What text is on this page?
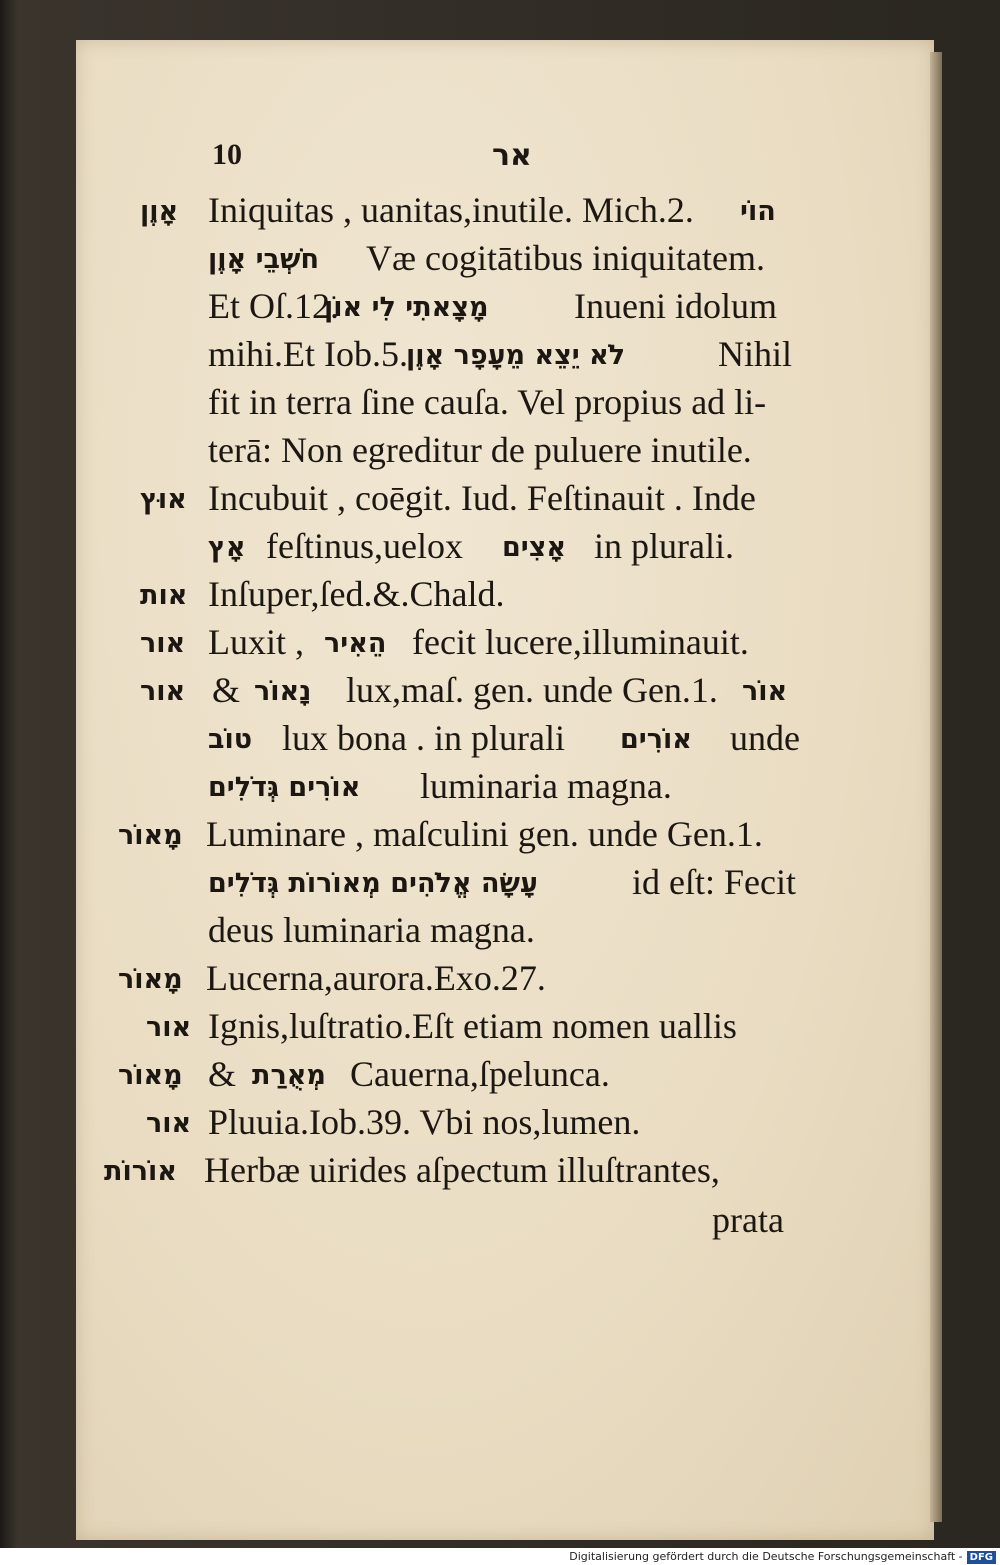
10	אר
אָוֶן Iniquitas , uanitas,inutile. Mich.2. הוֹי
חֹשְׁבֵי אָוֶן Væ cogitātibus iniquitatem.
Et Oſ.12.
מָצָאתִי לִי אוֹן Inueni idolum
mihi.Et Iob.5.
לֹא יֵצֵא מֵעָפָר אָוֶן	Nihil
fit in terra ſine cauſa. Vel propius ad li-
terā: Non egreditur de puluere inutile.
אוּץ Incubuit , coēgit. Iud. Feſtinauit . Inde
אָץ feſtinus,uelox אָצִים in plurali.
אות Inſuper,ſed.&.Chald.
אור Luxit , הֵאִיר fecit lucere,illuminauit.
אור & נָאוֹר lux,maſ. gen. unde Gen.1. אוֹר
טוֹב lux bona . in plurali אוֹרִים unde
אוֹרִים גְּדֹלִים luminaria magna.
מָאוֹר Luminare , maſculini gen. unde Gen.1.
עָשָׂה אֱלֹהִים מְאוֹרוֹת גְּדֹלִים	id eſt: Fecit
deus luminaria magna.
מָאוֹר Lucerna,aurora.Exo.27.
אור Ignis,luſtratio.Eſt etiam nomen uallis
מָאוֹר & מְאֻרַת Cauerna,ſpelunca.
אור Pluuia.Iob.39. Vbi nos,lumen.
אוֹרוֹת Herbæ uirides aſpectum illuſtrantes,
prata
Digitalisierung gefördert durch die Deutsche Forschungsgemeinschaft - DFG
